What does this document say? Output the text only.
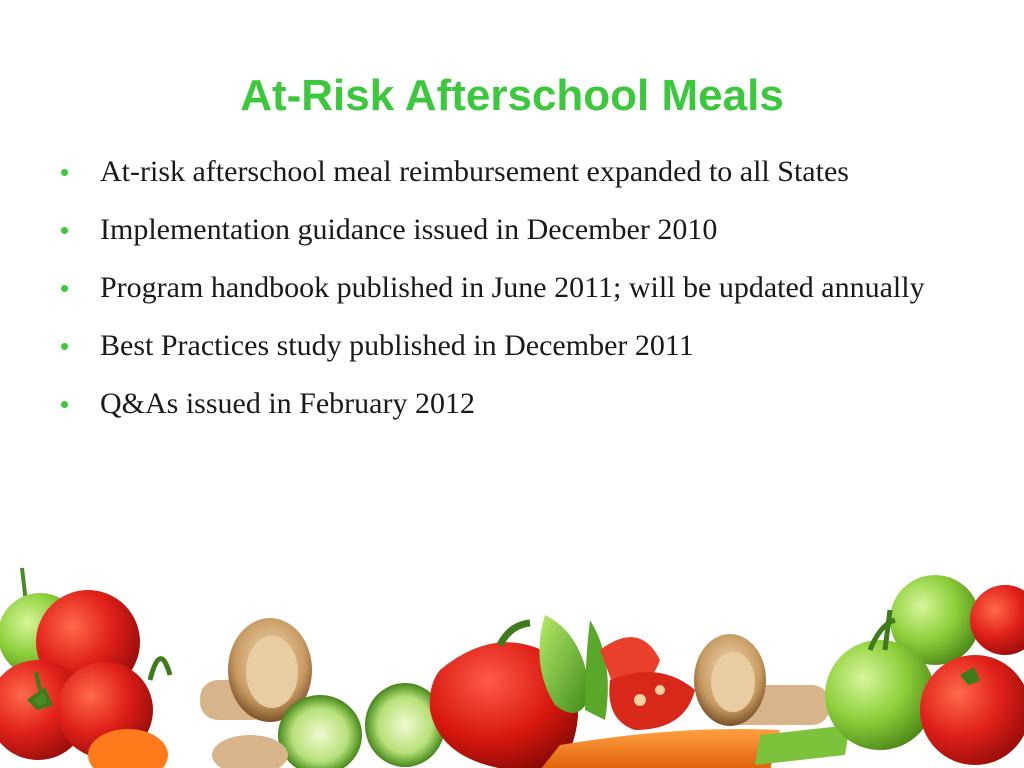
At-Risk Afterschool Meals
• At-risk afterschool meal reimbursement expanded to all States
• Implementation guidance issued in December 2010
• Program handbook published in June 2011; will be updated annually
• Best Practices study published in December 2011
• Q&As issued in February 2012
